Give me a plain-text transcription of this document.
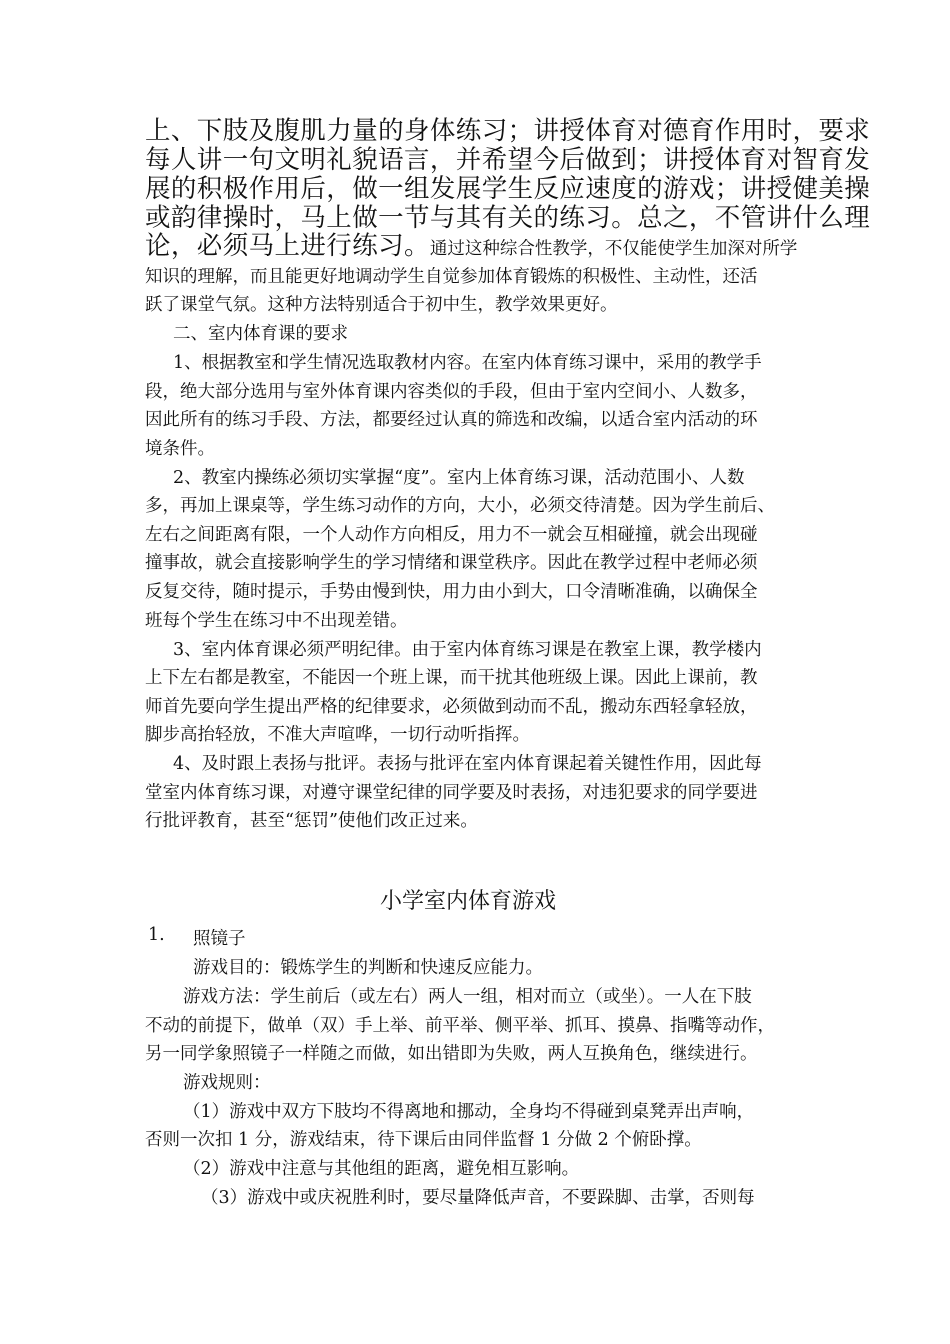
上、下肢及腹肌力量的身体练习；讲授体育对德育作用时，要求

每人讲一句文明礼貌语言，并希望今后做到；讲授体育对智育发

展的积极作用后，做一组发展学生反应速度的游戏；讲授健美操

或韵律操时，马上做一节与其有关的练习。总之，不管讲什么理

论，必须马上进行练习。通过这种综合性教学，不仅能使学生加深对所学

知识的理解，而且能更好地调动学生自觉参加体育锻炼的积极性、主动性，还活

跃了课堂气氛。这种方法特别适合于初中生，教学效果更好。

二、室内体育课的要求

1、根据教室和学生情况选取教材内容。在室内体育练习课中，采用的教学手

段，绝大部分选用与室外体育课内容类似的手段，但由于室内空间小、人数多，

因此所有的练习手段、方法，都要经过认真的筛选和改编，以适合室内活动的环

境条件。

2、教室内操练必须切实掌握“度”。室内上体育练习课，活动范围小、人数

多，再加上课桌等，学生练习动作的方向，大小，必须交待清楚。因为学生前后、

左右之间距离有限，一个人动作方向相反，用力不一就会互相碰撞，就会出现碰

撞事故，就会直接影响学生的学习情绪和课堂秩序。因此在教学过程中老师必须

反复交待，随时提示，手势由慢到快，用力由小到大，口令清晰准确，以确保全

班每个学生在练习中不出现差错。

3、室内体育课必须严明纪律。由于室内体育练习课是在教室上课，教学楼内

上下左右都是教室，不能因一个班上课，而干扰其他班级上课。因此上课前，教

师首先要向学生提出严格的纪律要求，必须做到动而不乱，搬动东西轻拿轻放，

脚步高抬轻放，不准大声喧哗，一切行动听指挥。

4、及时跟上表扬与批评。表扬与批评在室内体育课起着关键性作用，因此每

堂室内体育练习课，对遵守课堂纪律的同学要及时表扬，对违犯要求的同学要进

行批评教育，甚至“惩罚”使他们改正过来。

小学室内体育游戏

1. 照镜子

游戏目的：锻炼学生的判断和快速反应能力。

游戏方法：学生前后（或左右）两人一组，相对而立（或坐）。一人在下肢

不动的前提下，做单（双）手上举、前平举、侧平举、抓耳、摸鼻、指嘴等动作，

另一同学象照镜子一样随之而做，如出错即为失败，两人互换角色，继续进行。

游戏规则：

（1）游戏中双方下肢均不得离地和挪动，全身均不得碰到桌凳弄出声响，

否则一次扣 1 分，游戏结束，待下课后由同伴监督 1 分做 2 个俯卧撑。

（2）游戏中注意与其他组的距离，避免相互影响。

（3）游戏中或庆祝胜利时，要尽量降低声音，不要跺脚、击掌，否则每
